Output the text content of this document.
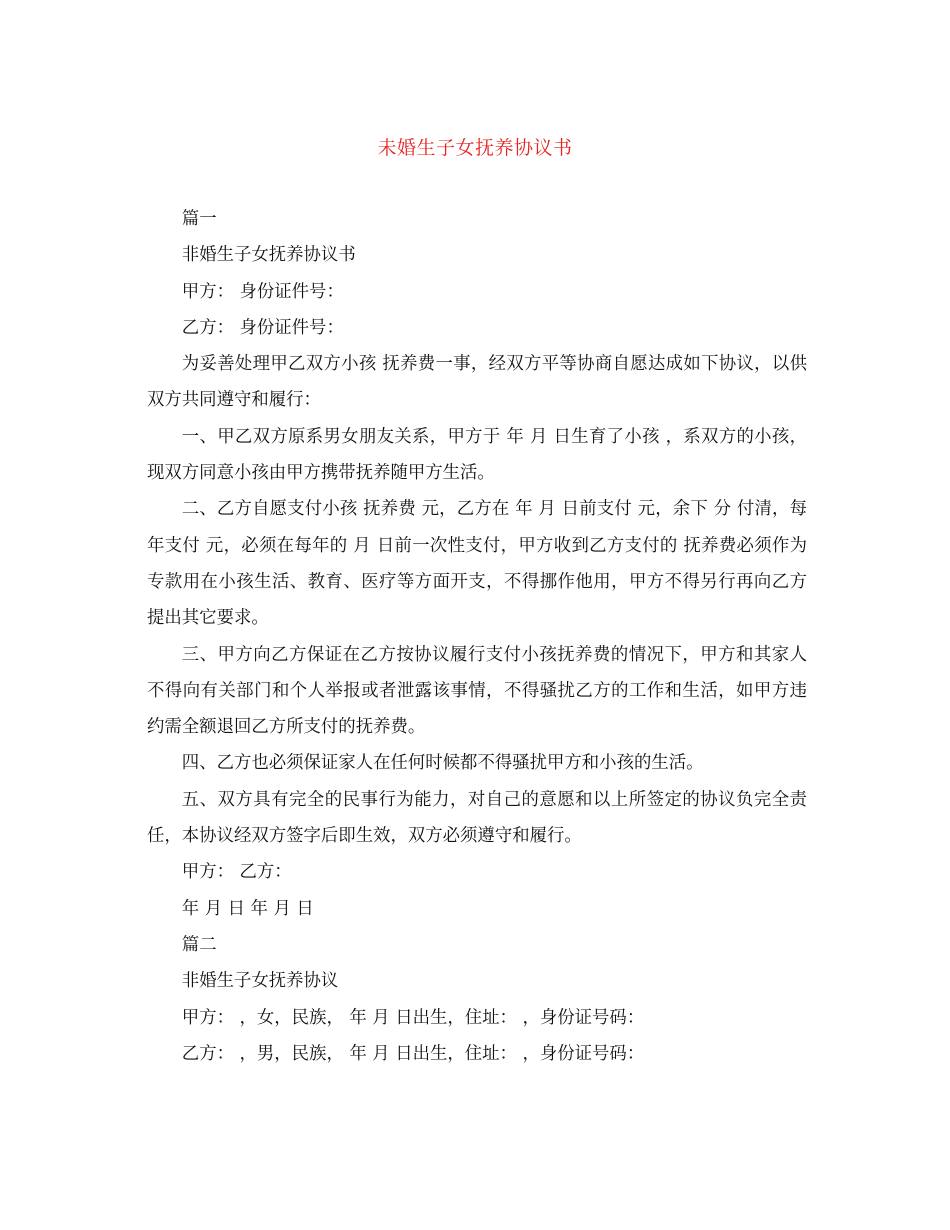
未婚生子女抚养协议书

篇一

非婚生子女抚养协议书

甲方： 身份证件号：

乙方： 身份证件号：

为妥善处理甲乙双方小孩 抚养费一事，经双方平等协商自愿达成如下协议，以供双方共同遵守和履行：

一、甲乙双方原系男女朋友关系，甲方于 年 月 日生育了小孩 ，系双方的小孩，现双方同意小孩由甲方携带抚养随甲方生活。

二、乙方自愿支付小孩 抚养费 元，乙方在 年 月 日前支付 元，余下 分 付清，每年支付 元，必须在每年的 月 日前一次性支付，甲方收到乙方支付的 抚养费必须作为专款用在小孩生活、教育、医疗等方面开支，不得挪作他用，甲方不得另行再向乙方提出其它要求。

三、甲方向乙方保证在乙方按协议履行支付小孩抚养费的情况下，甲方和其家人不得向有关部门和个人举报或者泄露该事情，不得骚扰乙方的工作和生活，如甲方违约需全额退回乙方所支付的抚养费。

四、乙方也必须保证家人在任何时候都不得骚扰甲方和小孩的生活。

五、双方具有完全的民事行为能力，对自己的意愿和以上所签定的协议负完全责任，本协议经双方签字后即生效，双方必须遵守和履行。

甲方： 乙方：

年 月 日 年 月 日

篇二

非婚生子女抚养协议

甲方： ，女，民族， 年 月 日出生，住址： ，身份证号码：

乙方： ，男，民族， 年 月 日出生，住址： ，身份证号码：
